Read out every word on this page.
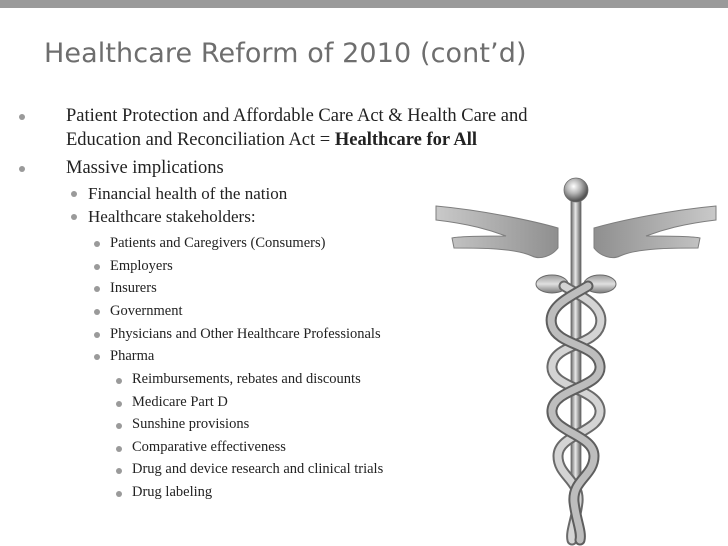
Healthcare Reform of 2010 (cont’d)
Patient Protection and Affordable Care Act & Health Care and
Education and Reconciliation Act = Healthcare for All
Massive implications
Financial health of the nation
Healthcare stakeholders:
Patients and Caregivers (Consumers)
Employers
Insurers
Government
Physicians and Other Healthcare Professionals
Pharma
Reimbursements, rebates and discounts
Medicare Part D
Sunshine provisions
Comparative effectiveness
Drug and device research and clinical trials
Drug labeling
